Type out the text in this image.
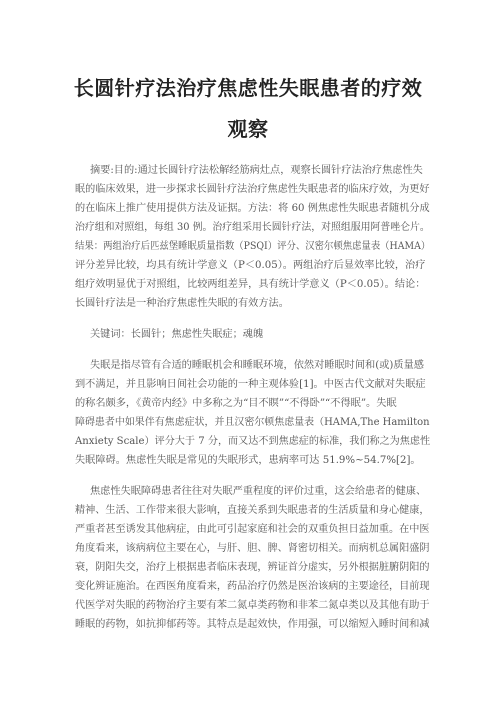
长圆针疗法治疗焦虑性失眠患者的疗效
观察
摘要:目的:通过长圆针疗法松解经筋病灶点，观察长圆针疗法治疗焦虑性失
眠的临床效果，进一步探求长圆针疗法治疗焦虑性失眠患者的临床疗效，为更好
的在临床上推广使用提供方法及证据。方法：将 60 例焦虑性失眠患者随机分成
治疗组和对照组，每组 30 例。治疗组采用长圆针疗法，对照组服用阿普唑仑片。
结果：两组治疗后匹兹堡睡眠质量指数（PSQI）评分、汉密尔顿焦虑量表（HAMA）
评分差异比较，均具有统计学意义（P＜0.05）。两组治疗后显效率比较，治疗
组疗效明显优于对照组，比较两组差异，具有统计学意义（P＜0.05）。结论：
长圆针疗法是一种治疗焦虑性失眠的有效方法。
关键词：长圆针；焦虑性失眠症；魂魄
失眠是指尽管有合适的睡眠机会和睡眠环境，依然对睡眠时间和(或)质量感
到不满足，并且影响日间社会功能的一种主观体验[1]。中医古代文献对失眠症
的称名颇多，《黄帝内经》中多称之为“目不瞑”“不得卧”“不得眠”。失眠
障碍患者中如果伴有焦虑症状，并且汉密尔顿焦虑量表（HAMA,The Hamilton
Anxiety Scale）评分大于 7 分，而又达不到焦虑症的标准，我们称之为焦虑性
失眠障碍。焦虑性失眠是常见的失眠形式，患病率可达 51.9%~54.7%[2]。
焦虑性失眠障碍患者往往对失眠严重程度的评价过重，这会给患者的健康、
精神、生活、工作带来很大影响，直接关系到失眠患者的生活质量和身心健康，
严重者甚至诱发其他病症，由此可引起家庭和社会的双重负担日益加重。在中医
角度看来，该病病位主要在心，与肝、胆、脾、肾密切相关。而病机总属阳盛阴
衰，阴阳失交，治疗上根据患者临床表现，辨证首分虚实，另外根据脏腑阴阳的
变化辨证施治。在西医角度看来，药品治疗仍然是医治该病的主要途径，目前现
代医学对失眠的药物治疗主要有苯二氮卓类药物和非苯二氮卓类以及其他有助于
睡眠的药物，如抗抑郁药等。其特点是起效快，作用强，可以缩短入睡时间和减
